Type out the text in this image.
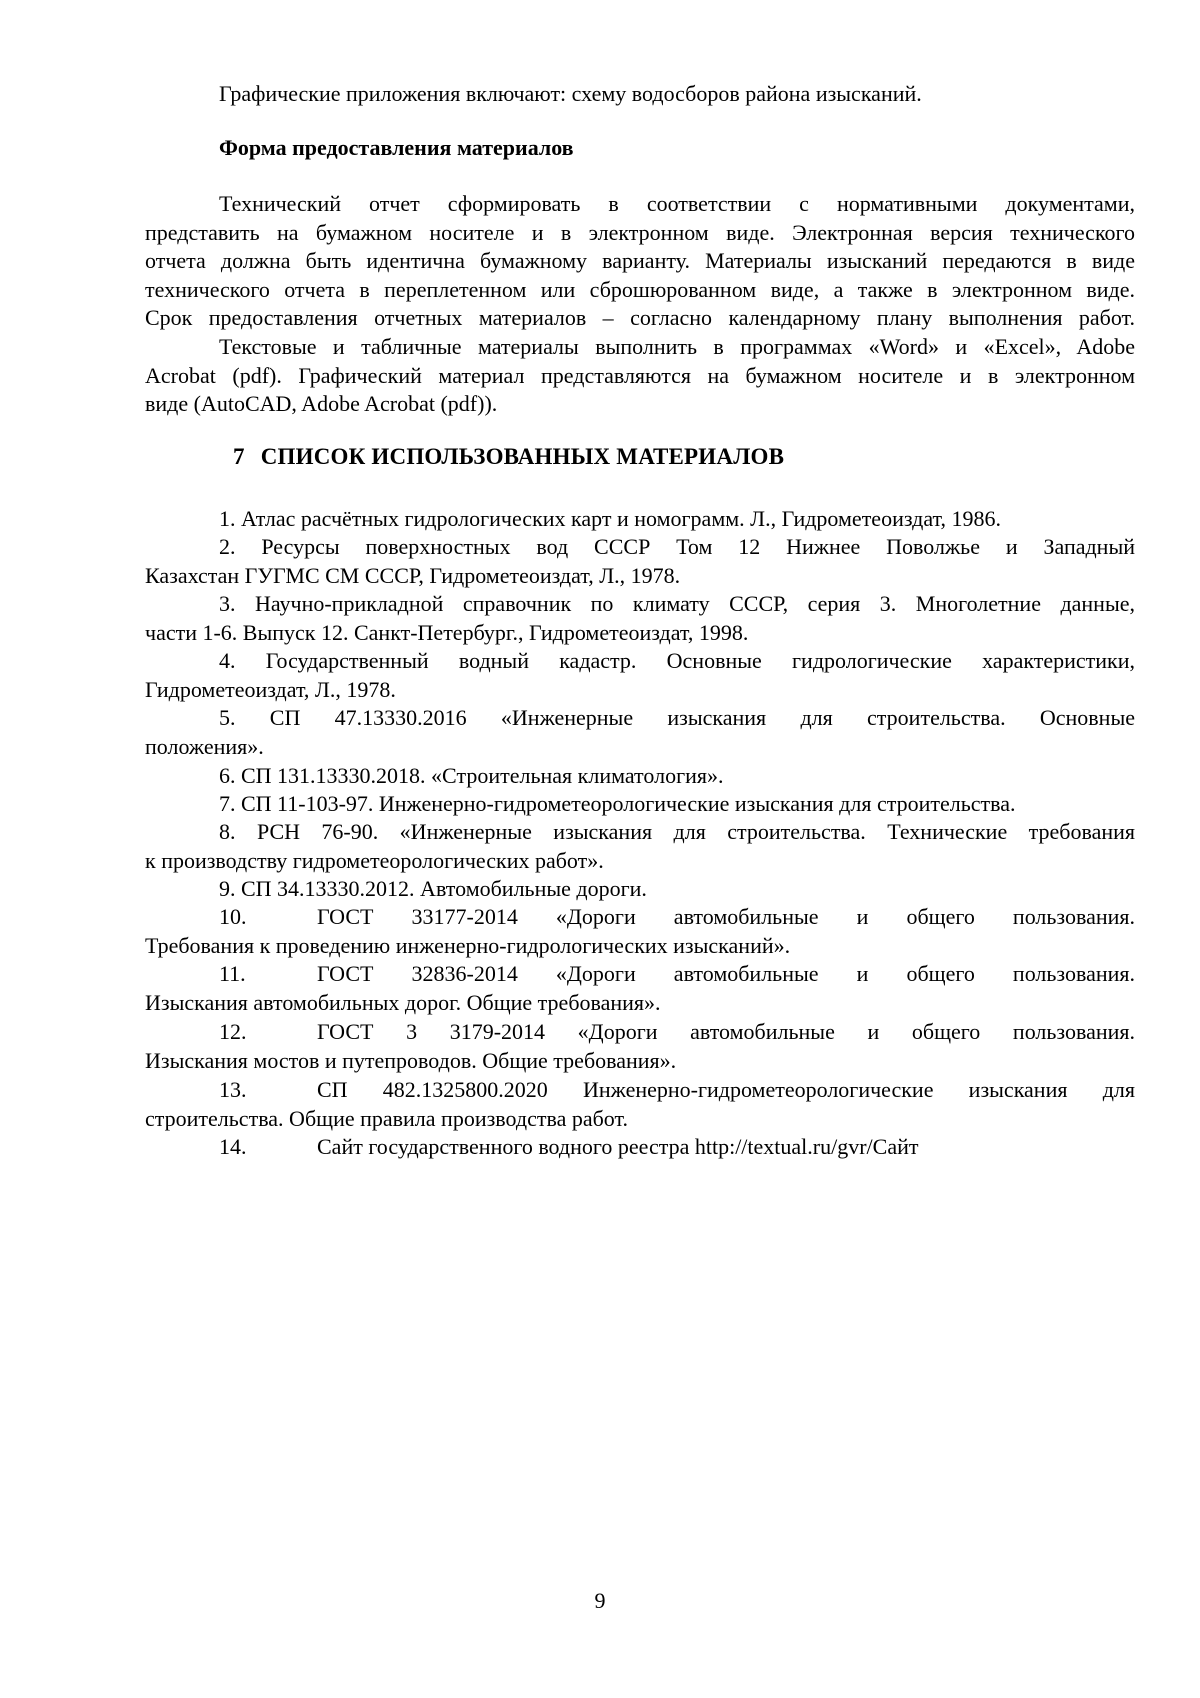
Графические приложения включают: схему водосборов района изысканий.
Форма предоставления материалов
Технический отчет сформировать в соответствии с нормативными документами,
представить на бумажном носителе и в электронном виде. Электронная версия технического
отчета должна быть идентична бумажному варианту. Материалы изысканий передаются в виде
технического отчета в переплетенном или сброшюрованном виде, а также в электронном виде.
Срок предоставления отчетных материалов – согласно календарному плану выполнения работ.
Текстовые и табличные материалы выполнить в программах «Word» и «Excel», Adobe
Acrobat (pdf). Графический материал представляются на бумажном носителе и в электронном
виде (AutoCAD, Adobe Acrobat (pdf)).
7 СПИСОК ИСПОЛЬЗОВАННЫХ МАТЕРИАЛОВ
1. Атлас расчётных гидрологических карт и номограмм. Л., Гидрометеоиздат, 1986.
2. Ресурсы поверхностных вод СССР Том 12 Нижнее Поволжье и Западный
Казахстан ГУГМС СМ СССР, Гидрометеоиздат, Л., 1978.
3. Научно-прикладной справочник по климату СССР, серия 3. Многолетние данные,
части 1-6. Выпуск 12. Санкт-Петербург., Гидрометеоиздат, 1998.
4. Государственный водный кадастр. Основные гидрологические характеристики,
Гидрометеоиздат, Л., 1978.
5. СП 47.13330.2016 «Инженерные изыскания для строительства. Основные
положения».
6. СП 131.13330.2018. «Строительная климатология».
7. СП 11-103-97. Инженерно-гидрометеорологические изыскания для строительства.
8. РСН 76-90. «Инженерные изыскания для строительства. Технические требования
к производству гидрометеорологических работ».
9. СП 34.13330.2012. Автомобильные дороги.
10.	ГОСТ 33177-2014 «Дороги автомобильные и общего пользования.
Требования к проведению инженерно-гидрологических изысканий».
11.	ГОСТ 32836-2014 «Дороги автомобильные и общего пользования.
Изыскания автомобильных дорог. Общие требования».
12.	ГОСТ 3 3179-2014 «Дороги автомобильные и общего пользования.
Изыскания мостов и путепроводов. Общие требования».
13.	СП 482.1325800.2020 Инженерно-гидрометеорологические изыскания для
строительства. Общие правила производства работ.
14.	Сайт государственного водного реестра http://textual.ru/gvr/Сайт
9
